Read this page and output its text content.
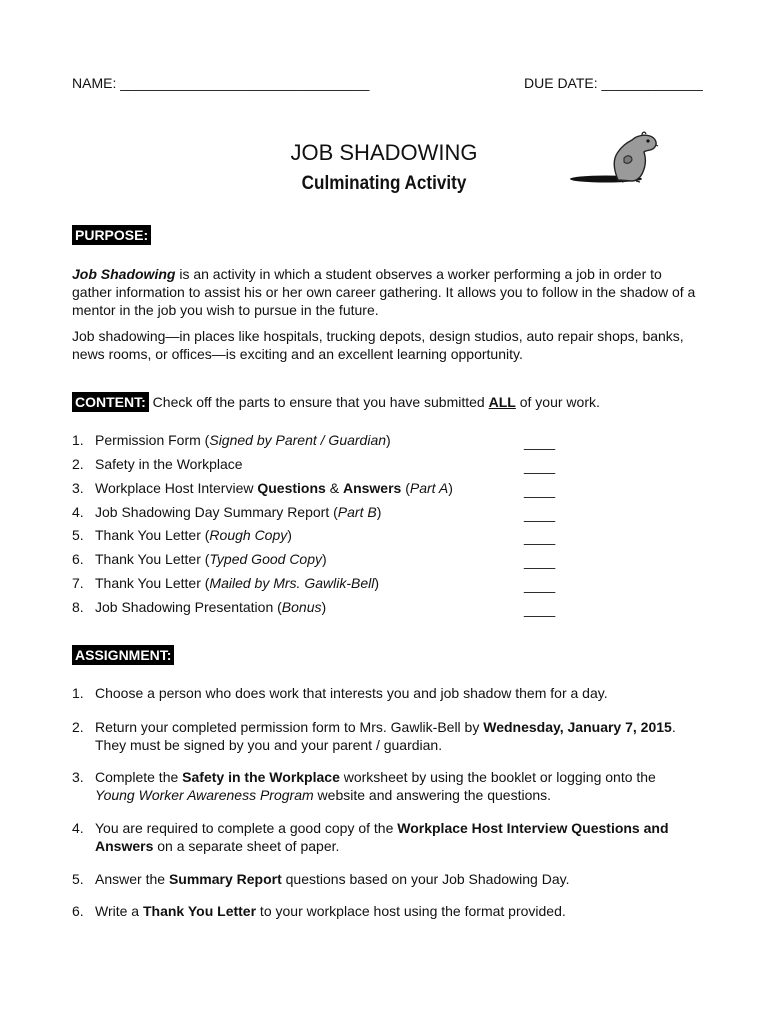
NAME: ________________________________	DUE DATE: _____________
JOB SHADOWING
Culminating Activity
PURPOSE:
Job Shadowing is an activity in which a student observes a worker performing a job in order to gather information to assist his or her own career gathering. It allows you to follow in the shadow of a mentor in the job you wish to pursue in the future.
Job shadowing—in places like hospitals, trucking depots, design studios, auto repair shops, banks, news rooms, or offices—is exciting and an excellent learning opportunity.
CONTENT: Check off the parts to ensure that you have submitted ALL of your work.
1. Permission Form (Signed by Parent / Guardian)	____
2. Safety in the Workplace	____
3. Workplace Host Interview Questions & Answers (Part A)	____
4. Job Shadowing Day Summary Report (Part B)	____
5. Thank You Letter (Rough Copy)	____
6. Thank You Letter (Typed Good Copy)	____
7. Thank You Letter (Mailed by Mrs. Gawlik-Bell)	____
8. Job Shadowing Presentation (Bonus)	____
ASSIGNMENT:
1. Choose a person who does work that interests you and job shadow them for a day.
2. Return your completed permission form to Mrs. Gawlik-Bell by Wednesday, January 7, 2015. They must be signed by you and your parent / guardian.
3. Complete the Safety in the Workplace worksheet by using the booklet or logging onto the Young Worker Awareness Program website and answering the questions.
4. You are required to complete a good copy of the Workplace Host Interview Questions and Answers on a separate sheet of paper.
5. Answer the Summary Report questions based on your Job Shadowing Day.
6. Write a Thank You Letter to your workplace host using the format provided.
